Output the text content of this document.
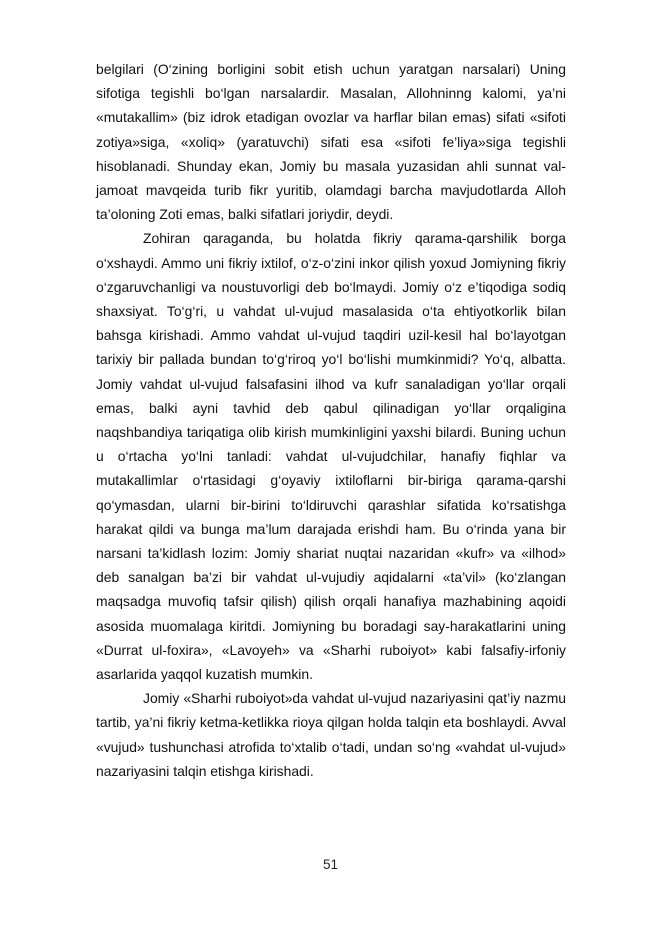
belgilari (O‘zining borligini sobit etish uchun yaratgan narsalari) Uning sifotiga tegishli bo‘lgan narsalardir. Masalan, Allohninng kalomi, ya’ni «mutakallim» (biz idrok etadigan ovozlar va harflar bilan emas) sifati «sifoti zotiya»siga, «xoliq» (yaratuvchi) sifati esa «sifoti fe’liya»siga tegishli hisoblanadi. Shunday ekan, Jomiy bu masala yuzasidan ahli sunnat val-jamoat mavqeida turib fikr yuritib, olamdagi barcha mavjudotlarda Alloh ta’oloning Zoti emas, balki sifatlari joriydir, deydi.

Zohiran qaraganda, bu holatda fikriy qarama-qarshilik borga o‘xshaydi. Ammo uni fikriy ixtilof, o‘z-o‘zini inkor qilish yoxud Jomiyning fikriy o‘zgaruvchanligi va noustuvorligi deb bo‘lmaydi. Jomiy o‘z e’tiqodiga sodiq shaxsiyat. To‘g‘ri, u vahdat ul-vujud masalasida o‘ta ehtiyotkorlik bilan bahsga kirishadi. Ammo vahdat ul-vujud taqdiri uzil-kesil hal bo‘layotgan tarixiy bir pallada bundan to‘g‘riroq yo‘l bo‘lishi mumkinmidi? Yo‘q, albatta. Jomiy vahdat ul-vujud falsafasini ilhod va kufr sanaladigan yo‘llar orqali emas, balki ayni tavhid deb qabul qilinadigan yo‘llar orqaligina naqshbandiya tariqatiga olib kirish mumkinligini yaxshi bilardi. Buning uchun u o‘rtacha yo‘lni tanladi: vahdat ul-vujudchilar, hanafiy fiqhlar va mutakallimlar o‘rtasidagi g‘oyaviy ixtiloflarni bir-biriga qarama-qarshi qo‘ymasdan, ularni bir-birini to‘ldiruvchi qarashlar sifatida ko‘rsatishga harakat qildi va bunga ma’lum darajada erishdi ham. Bu o‘rinda yana bir narsani ta’kidlash lozim: Jomiy shariat nuqtai nazaridan «kufr» va «ilhod» deb sanalgan ba’zi bir vahdat ul-vujudiy aqidalarni «ta’vil» (ko‘zlangan maqsadga muvofiq tafsir qilish) qilish orqali hanafiya mazhabining aqoidi asosida muomalaga kiritdi. Jomiyning bu boradagi say-harakatlarini uning «Durrat ul-foxira», «Lavoyeh» va «Sharhi ruboiyot» kabi falsafiy-irfoniy asarlarida yaqqol kuzatish mumkin.

Jomiy «Sharhi ruboiyot»da vahdat ul-vujud nazariyasini qat’iy nazmu tartib, ya’ni fikriy ketma-ketlikka rioya qilgan holda talqin eta boshlaydi. Avval «vujud» tushunchasi atrofida to‘xtalib o‘tadi, undan so‘ng «vahdat ul-vujud» nazariyasini talqin etishga kirishadi.

51
